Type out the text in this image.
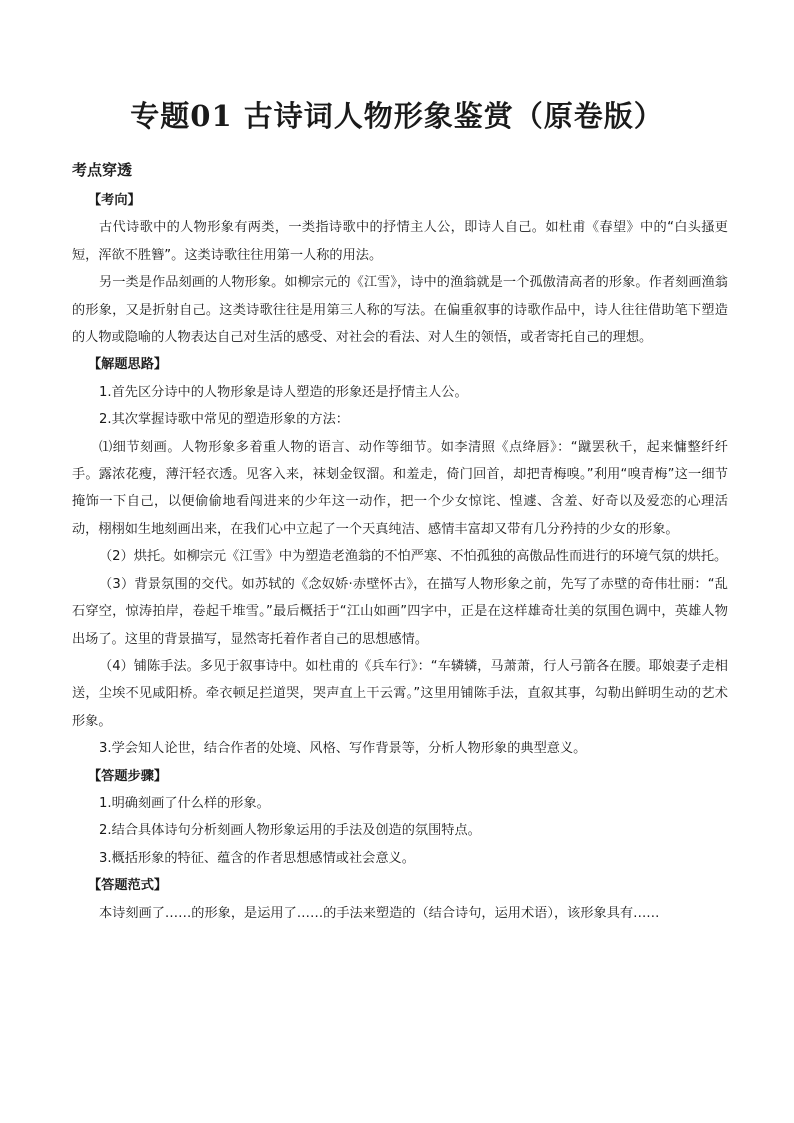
专题01 古诗词人物形象鉴赏（原卷版）
考点穿透

【考向】

古代诗歌中的人物形象有两类，一类指诗歌中的抒情主人公，即诗人自己。如杜甫《春望》中的“白头搔更短，浑欲不胜簪”。这类诗歌往往用第一人称的用法。

另一类是作品刻画的人物形象。如柳宗元的《江雪》，诗中的渔翁就是一个孤傲清高者的形象。作者刻画渔翁的形象，又是折射自己。这类诗歌往往是用第三人称的写法。在偏重叙事的诗歌作品中，诗人往往借助笔下塑造的人物或隐喻的人物表达自己对生活的感受、对社会的看法、对人生的领悟，或者寄托自己的理想。

【解题思路】

1.首先区分诗中的人物形象是诗人塑造的形象还是抒情主人公。

2.其次掌握诗歌中常见的塑造形象的方法：

⑴细节刻画。人物形象多着重人物的语言、动作等细节。如李清照《点绛唇》：“蹴罢秋千，起来慵整纤纤手。露浓花瘦，薄汗轻衣透。见客入来，袜刬金钗溜。和羞走，倚门回首，却把青梅嗅。”利用“嗅青梅”这一细节掩饰一下自己，以便偷偷地看闯进来的少年这一动作，把一个少女惊诧、惶遽、含羞、好奇以及爱恋的心理活动，栩栩如生地刻画出来，在我们心中立起了一个天真纯洁、感情丰富却又带有几分矜持的少女的形象。

（2）烘托。如柳宗元《江雪》中为塑造老渔翁的不怕严寒、不怕孤独的高傲品性而进行的环境气氛的烘托。

（3）背景氛围的交代。如苏轼的《念奴娇·赤壁怀古》，在描写人物形象之前，先写了赤壁的奇伟壮丽：“乱石穿空，惊涛拍岸，卷起千堆雪。”最后概括于“江山如画”四字中，正是在这样雄奇壮美的氛围色调中，英雄人物出场了。这里的背景描写，显然寄托着作者自己的思想感情。

（4）铺陈手法。多见于叙事诗中。如杜甫的《兵车行》：“车辚辚，马萧萧，行人弓箭各在腰。耶娘妻子走相送，尘埃不见咸阳桥。牵衣顿足拦道哭，哭声直上干云霄。”这里用铺陈手法，直叙其事，勾勒出鲜明生动的艺术形象。

3.学会知人论世，结合作者的处境、风格、写作背景等，分析人物形象的典型意义。

【答题步骤】

1.明确刻画了什么样的形象。

2.结合具体诗句分析刻画人物形象运用的手法及创造的氛围特点。

3.概括形象的特征、蕴含的作者思想感情或社会意义。

【答题范式】

本诗刻画了……的形象，是运用了……的手法来塑造的（结合诗句，运用术语），该形象具有……
